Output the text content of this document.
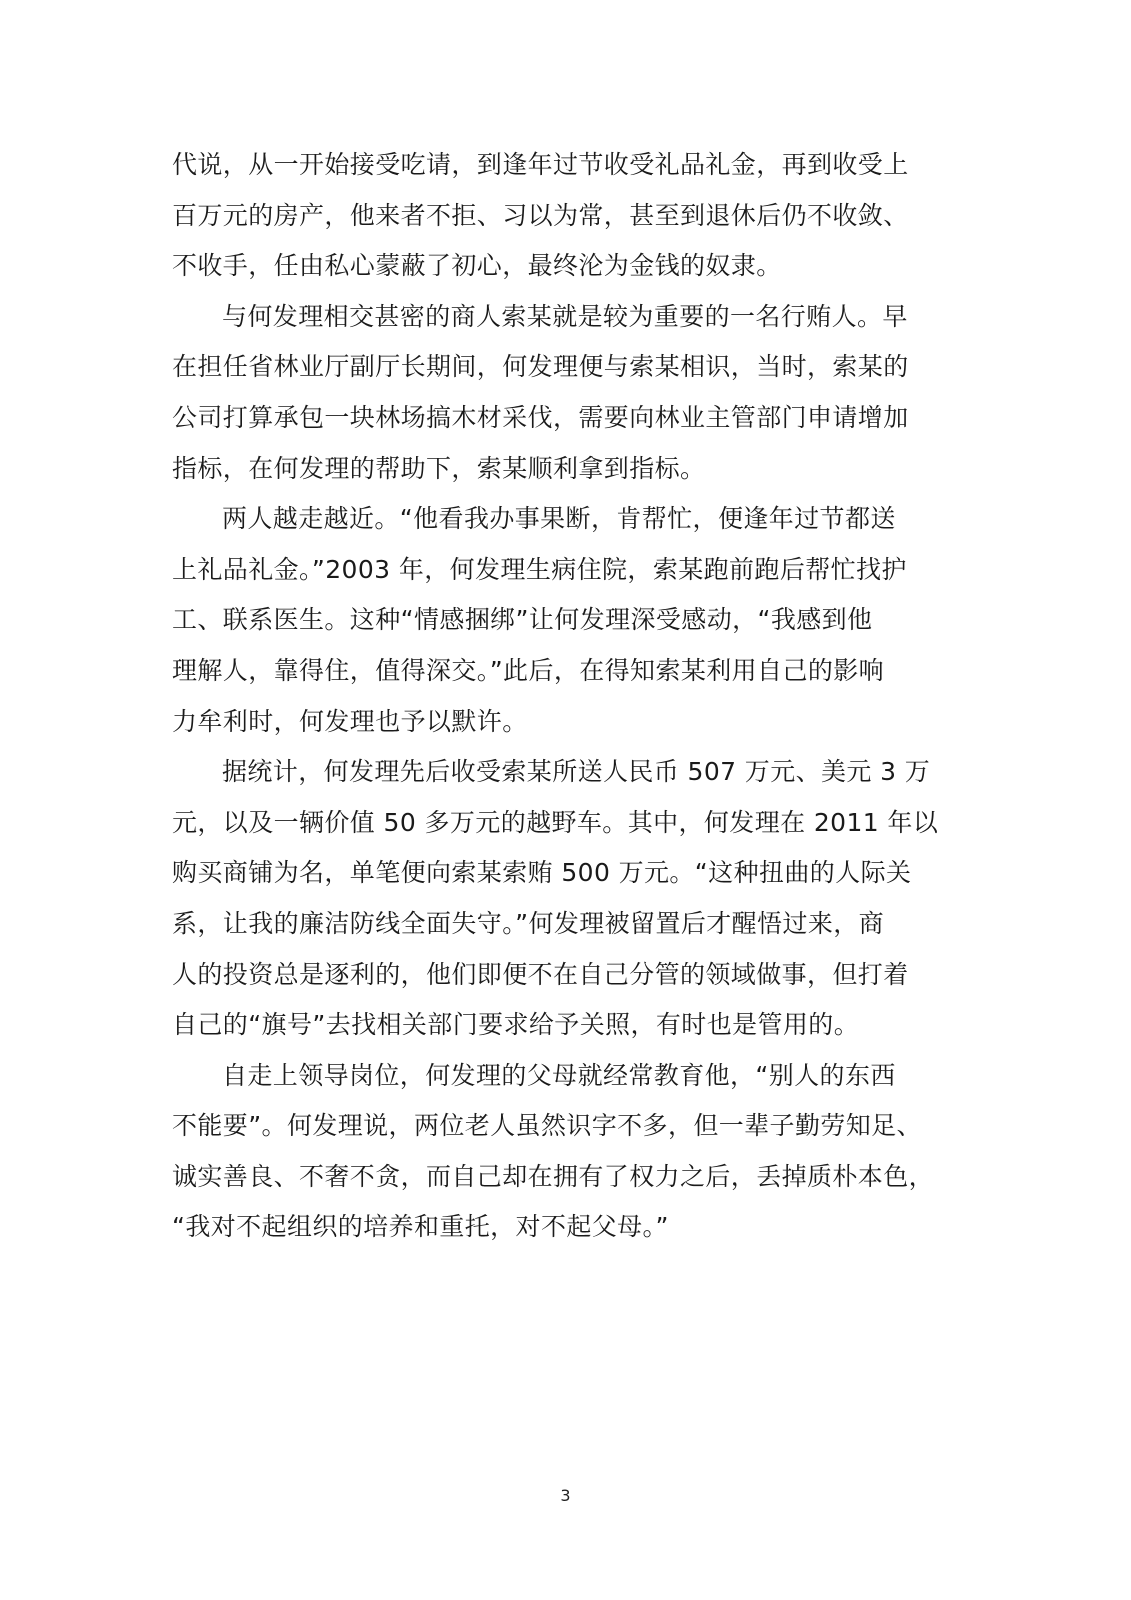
代说，从一开始接受吃请，到逢年过节收受礼品礼金，再到收受上
百万元的房产，他来者不拒、习以为常，甚至到退休后仍不收敛、
不收手，任由私心蒙蔽了初心，最终沦为金钱的奴隶。
与何发理相交甚密的商人索某就是较为重要的一名行贿人。早
在担任省林业厅副厅长期间，何发理便与索某相识，当时，索某的
公司打算承包一块林场搞木材采伐，需要向林业主管部门申请增加
指标，在何发理的帮助下，索某顺利拿到指标。
两人越走越近。“他看我办事果断，肯帮忙，便逢年过节都送
上礼品礼金。”2003 年，何发理生病住院，索某跑前跑后帮忙找护
工、联系医生。这种“情感捆绑”让何发理深受感动，“我感到他
理解人，靠得住，值得深交。”此后，在得知索某利用自己的影响
力牟利时，何发理也予以默许。
据统计，何发理先后收受索某所送人民币 507 万元、美元 3 万
元，以及一辆价值 50 多万元的越野车。其中，何发理在 2011 年以
购买商铺为名，单笔便向索某索贿 500 万元。“这种扭曲的人际关
系，让我的廉洁防线全面失守。”何发理被留置后才醒悟过来，商
人的投资总是逐利的，他们即便不在自己分管的领域做事，但打着
自己的“旗号”去找相关部门要求给予关照，有时也是管用的。
自走上领导岗位，何发理的父母就经常教育他，“别人的东西
不能要”。何发理说，两位老人虽然识字不多，但一辈子勤劳知足、
诚实善良、不奢不贪，而自己却在拥有了权力之后，丢掉质朴本色，
“我对不起组织的培养和重托，对不起父母。”
3
